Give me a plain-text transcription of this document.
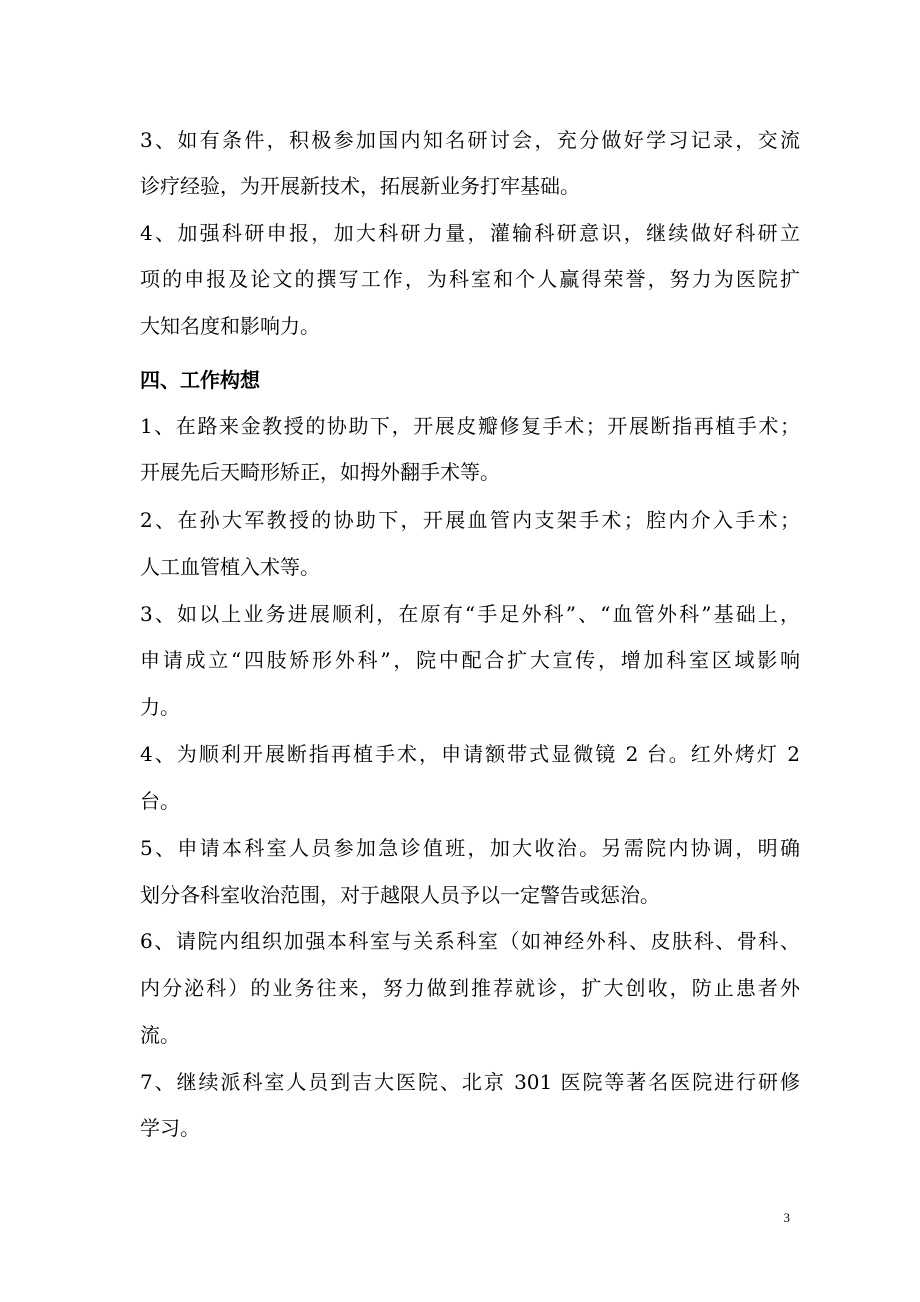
3、如有条件，积极参加国内知名研讨会，充分做好学习记录，交流
诊疗经验，为开展新技术，拓展新业务打牢基础。
4、加强科研申报，加大科研力量，灌输科研意识，继续做好科研立
项的申报及论文的撰写工作，为科室和个人赢得荣誉，努力为医院扩
大知名度和影响力。
四、工作构想
1、在路来金教授的协助下，开展皮瓣修复手术；开展断指再植手术；
开展先后天畸形矫正，如拇外翻手术等。
2、在孙大军教授的协助下，开展血管内支架手术；腔内介入手术；
人工血管植入术等。
3、如以上业务进展顺利，在原有“手足外科”、“血管外科”基础上，
申请成立“四肢矫形外科”，院中配合扩大宣传，增加科室区域影响
力。
4、为顺利开展断指再植手术，申请额带式显微镜 2 台。红外烤灯 2
台。
5、申请本科室人员参加急诊值班，加大收治。另需院内协调，明确
划分各科室收治范围，对于越限人员予以一定警告或惩治。
6、请院内组织加强本科室与关系科室（如神经外科、皮肤科、骨科、
内分泌科）的业务往来，努力做到推荐就诊，扩大创收，防止患者外
流。
7、继续派科室人员到吉大医院、北京 301 医院等著名医院进行研修
学习。
3
